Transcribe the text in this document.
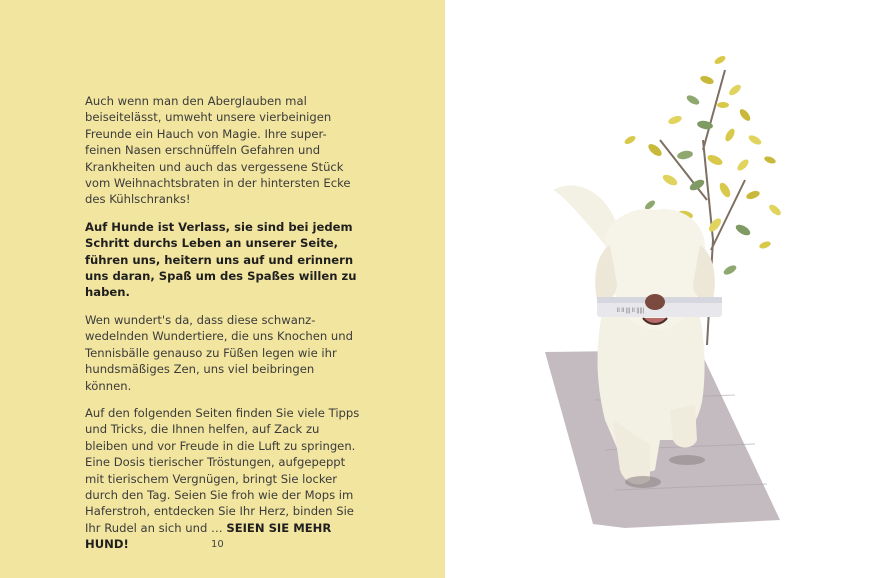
Auch wenn man den Aberglauben mal beiseitelässt, umweht unsere vierbeinigen Freunde ein Hauch von Magie. Ihre super-feinen Nasen erschnüffeln Gefahren und Krankheiten und auch das vergessene Stück vom Weihnachtsbraten in der hintersten Ecke des Kühlschranks!

Auf Hunde ist Verlass, sie sind bei jedem Schritt durchs Leben an unserer Seite, führen uns, heitern uns auf und erinnern uns daran, Spaß um des Spaßes willen zu haben.

Wen wundert's da, dass diese schwanz-wedelnden Wundertiere, die uns Knochen und Tennisbälle genauso zu Füßen legen wie ihr hundsmäßiges Zen, uns viel beibringen können.

Auf den folgenden Seiten finden Sie viele Tipps und Tricks, die Ihnen helfen, auf Zack zu bleiben und vor Freude in die Luft zu springen. Eine Dosis tierischer Tröstungen, aufgepeppt mit tierischem Vergnügen, bringt Sie locker durch den Tag. Seien Sie froh wie der Mops im Haferstroh, entdecken Sie Ihr Herz, binden Sie Ihr Rudel an sich und … SEIEN SIE MEHR HUND!	10
ll ll ||| ll |||||
